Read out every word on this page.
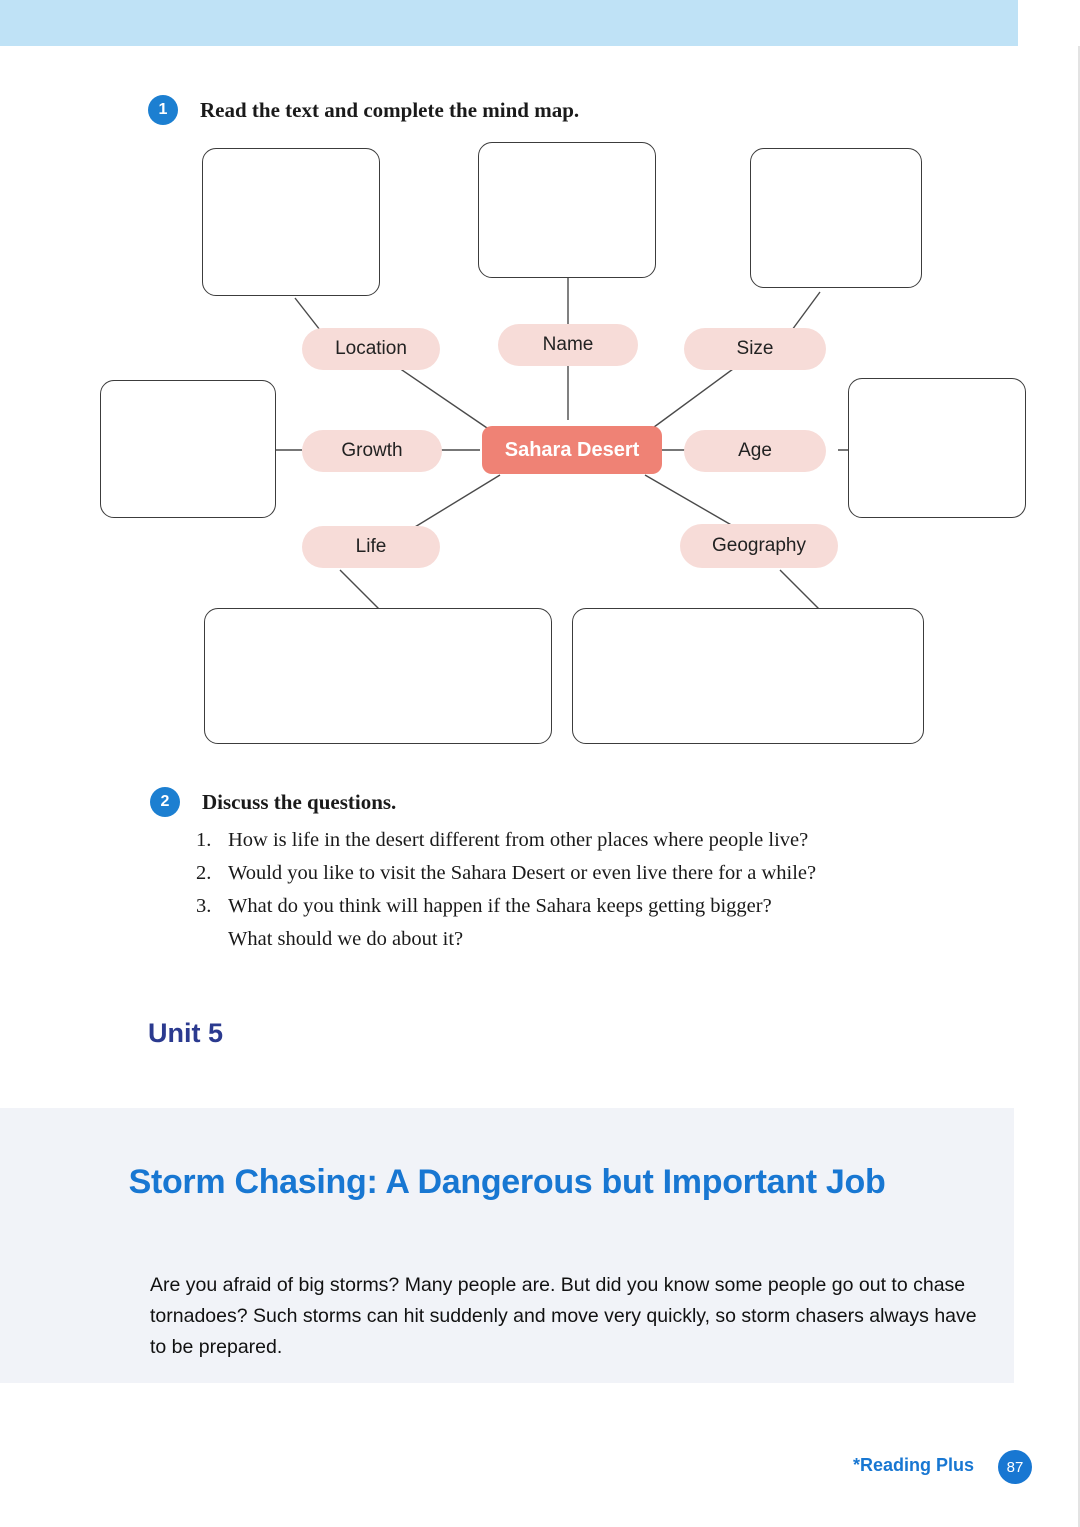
1	Read the text and complete the mind map.
Location	Name	Size
Growth	Age
Life	Geography
Sahara Desert
2	Discuss the questions.
1. How is life in the desert different from other places where people live?
2. Would you like to visit the Sahara Desert or even live there for a while?
3. What do you think will happen if the Sahara keeps getting bigger?
What should we do about it?
Unit 5
Storm Chasing: A Dangerous but Important Job
Are you afraid of big storms? Many people are. But did you know some people go out to chase tornadoes? Such storms can hit suddenly and move very quickly, so storm chasers always have to be prepared.
*Reading Plus	87
